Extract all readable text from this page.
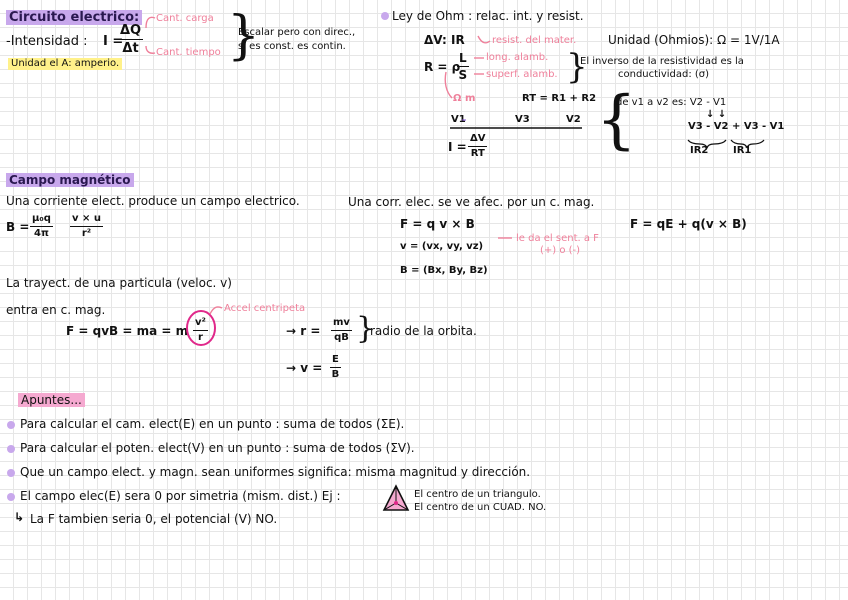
Circuito electrico:
-Intensidad : I =
$\frac{\Delta Q}{\Delta t}$
Cant. carga
Cant. tiempo }
Escalar pero con direc.,
si es const. es contin.
Unidad el A: amperio.
Ley de Ohm : relac. int. y resist.
ΔV: IR	resist. del mater.	Unidad (Ohmios): Ω = 1V/1A
R = ρ
$\frac{L}{S}$ long. alamb.
superf. alamb. }
El inverso de la resistividad es la
conductividad: (σ)
Ω m	RT = R1 + R2
V1	V3	V2
$I = \frac{\Delta V}{RT}$ {
de v1 a v2 es: V2 - V1
↓ ↓
V3 - V2 + V3 - V1
IR2 IR1
Campo magnético
Una corriente elect. produce un campo electrico.
$B = \frac{\text{μ₀q}}{4\pi} \frac{v \times u}{\text{r²}}$
Una corr. elec. se ve afec. por un c. mag.
F = q v × B
v = (vx, vy, vz)
le da el sent. a F
(+) o (-)
B = (Bx, By, Bz)
F = qE + q(v × B)
La trayect. de una particula (veloc. v)
entra en c. mag.	Accel centripeta
F = qvB = ma = m $\frac{\text{v²}}{r}$	→ $r = \frac{mv}{qB}$ }
radio de la orbita.
→ $v = \frac{E}{B}$
Apuntes...
Para calcular el cam. elect(E) en un punto : suma de todos (ΣE).
Para calcular el poten. elect(V) en un punto : suma de todos (ΣV).
Que un campo elect. y magn. sean uniformes significa: misma magnitud y dirección.
El campo elec(E) sera 0 por simetria (mism. dist.) Ej :
↳ La F tambien seria 0, el potencial (V) NO.
El centro de un triangulo.
El centro de un CUAD. NO.
